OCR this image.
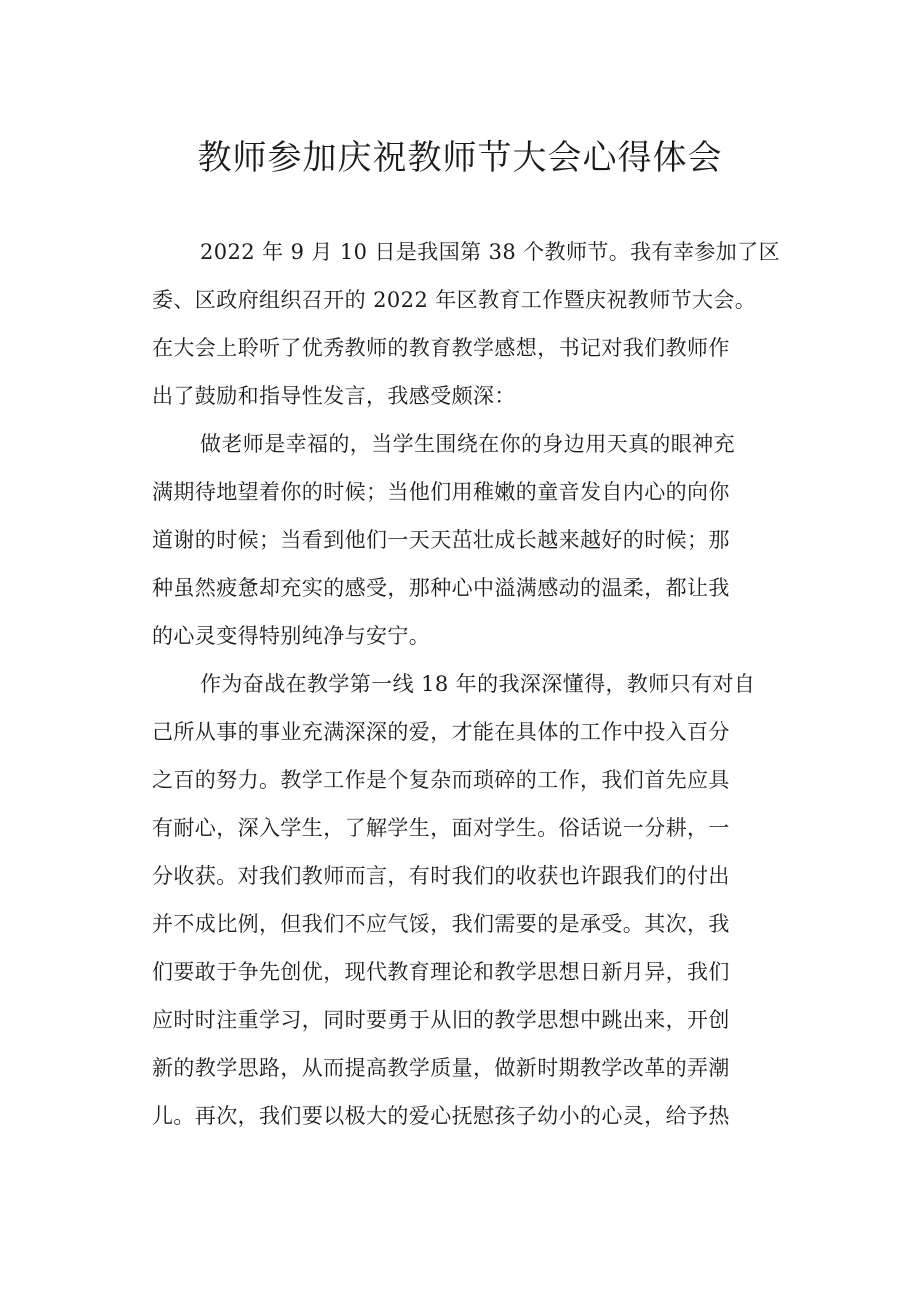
教师参加庆祝教师节大会心得体会
2022 年 9 月 10 日是我国第 38 个教师节。我有幸参加了区
委、区政府组织召开的 2022 年区教育工作暨庆祝教师节大会。
在大会上聆听了优秀教师的教育教学感想，书记对我们教师作
出了鼓励和指导性发言，我感受颇深：
做老师是幸福的，当学生围绕在你的身边用天真的眼神充
满期待地望着你的时候；当他们用稚嫩的童音发自内心的向你
道谢的时候；当看到他们一天天茁壮成长越来越好的时候；那
种虽然疲惫却充实的感受，那种心中溢满感动的温柔，都让我
的心灵变得特别纯净与安宁。
作为奋战在教学第一线 18 年的我深深懂得，教师只有对自
己所从事的事业充满深深的爱，才能在具体的工作中投入百分
之百的努力。教学工作是个复杂而琐碎的工作，我们首先应具
有耐心，深入学生，了解学生，面对学生。俗话说一分耕，一
分收获。对我们教师而言，有时我们的收获也许跟我们的付出
并不成比例，但我们不应气馁，我们需要的是承受。其次，我
们要敢于争先创优，现代教育理论和教学思想日新月异，我们
应时时注重学习，同时要勇于从旧的教学思想中跳出来，开创
新的教学思路，从而提高教学质量，做新时期教学改革的弄潮
儿。再次，我们要以极大的爱心抚慰孩子幼小的心灵，给予热
